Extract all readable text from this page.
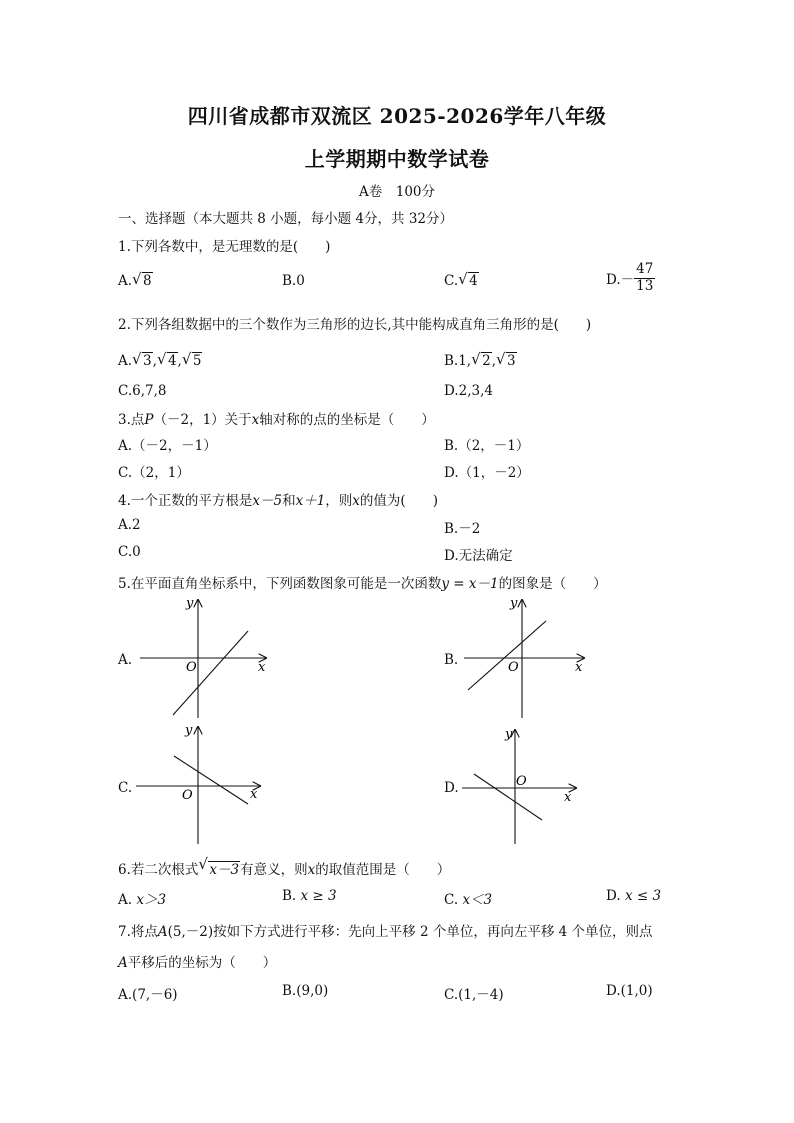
四川省成都市双流区 2025-2026学年八年级
上学期期中数学试卷
A卷　100分
一、选择题（本大题共 8 小题，每小题 4分，共 32分）
1.下列各数中，是无理数的是(　　)
A. √ 8	B.0	C. √ 4	$D.- \frac{47}{13}$
2.下列各组数据中的三个数作为三角形的边长,其中能构成直角三角形的是(　　)
A. √ 3, √ 4, √ 5	B.1, √ 2, √ 3
C.6,7,8	D.2,3,4
3.点P（－2，1）关于x轴对称的点的坐标是（　　）
A.（－2，－1）	B.（2，－1）
C.（2，1）	D.（1，－2）
4.一个正数的平方根是x－5和x＋1，则x的值为(　　)
A.2	B.－2
C.0	D.无法确定
5.在平面直角坐标系中，下列函数图象可能是一次函数y = x－1的图象是（　　）
A.	B.
C.	D.
x
y
O	x
y
O
x
y
O	x
y
O
6.若二次根式 √ x－3有意义，则x的取值范围是（　　）
A. x＞3	B. x ≥ 3	C. x＜3	D. x ≤ 3
7.将点A(5,－2)按如下方式进行平移：先向上平移 2 个单位，再向左平移 4 个单位，则点
A平移后的坐标为（　　）
A.(7,－6)	B.(9,0)	C.(1,－4)	D.(1,0)
